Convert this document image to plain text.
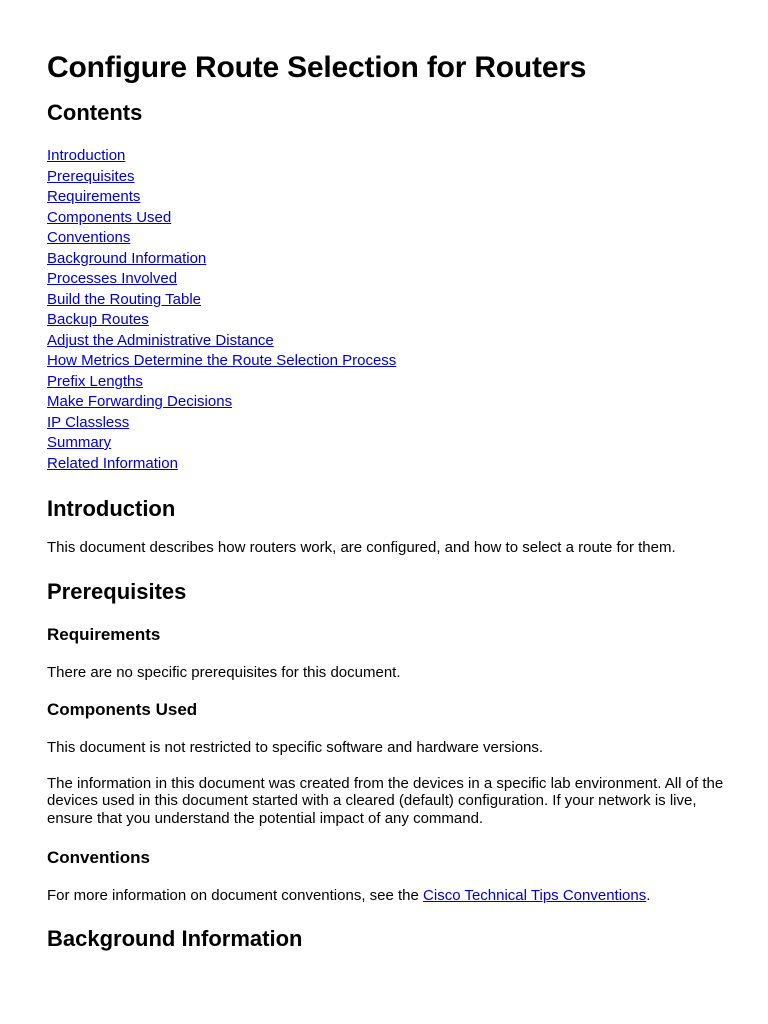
Configure Route Selection for Routers
Contents
Introduction
Prerequisites
Requirements
Components Used
Conventions
Background Information
Processes Involved
Build the Routing Table
Backup Routes
Adjust the Administrative Distance
How Metrics Determine the Route Selection Process
Prefix Lengths
Make Forwarding Decisions
IP Classless
Summary
Related Information
Introduction

This document describes how routers work, are configured, and how to select a route for them.

Prerequisites
Requirements

There are no specific prerequisites for this document.

Components Used

This document is not restricted to specific software and hardware versions.

The information in this document was created from the devices in a specific lab environment. All of the devices used in this document started with a cleared (default) configuration. If your network is live, ensure that you understand the potential impact of any command.

Conventions

For more information on document conventions, see the Cisco Technical Tips Conventions.

Background Information
